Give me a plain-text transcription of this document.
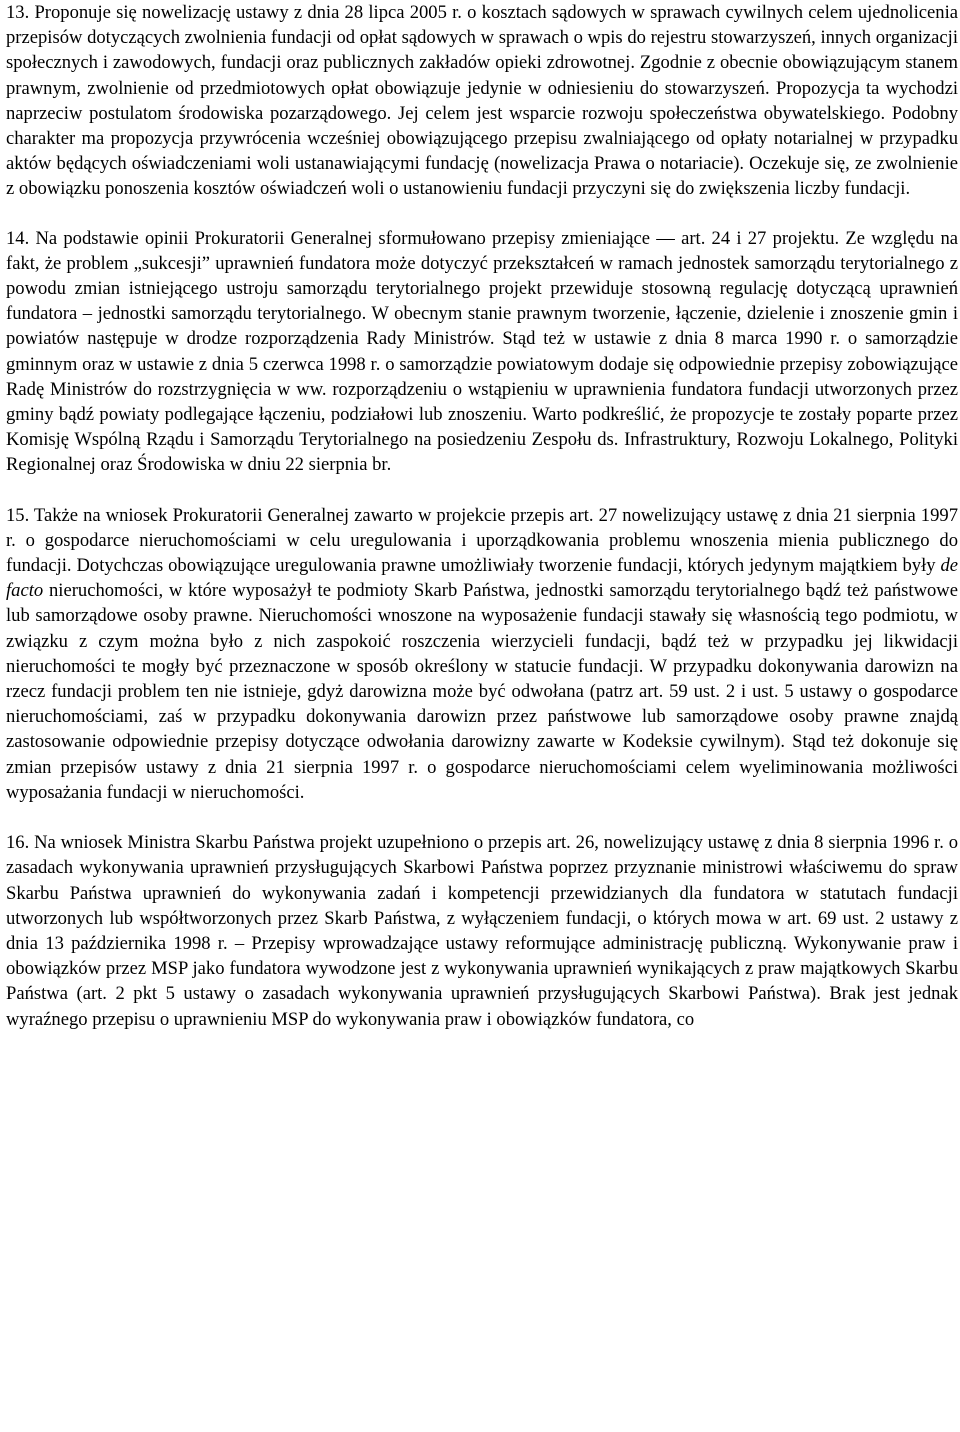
13. Proponuje się nowelizację ustawy z dnia 28 lipca 2005 r. o kosztach sądowych w sprawach cywilnych celem ujednolicenia przepisów dotyczących zwolnienia fundacji od opłat sądowych w sprawach o wpis do rejestru stowarzyszeń, innych organizacji społecznych i zawodowych, fundacji oraz publicznych zakładów opieki zdrowotnej. Zgodnie z obecnie obowiązującym stanem prawnym, zwolnienie od przedmiotowych opłat obowiązuje jedynie w odniesieniu do stowarzyszeń. Propozycja ta wychodzi naprzeciw postulatom środowiska pozarządowego. Jej celem jest wsparcie rozwoju społeczeństwa obywatelskiego. Podobny charakter ma propozycja przywrócenia wcześniej obowiązującego przepisu zwalniającego od opłaty notarialnej w przypadku aktów będących oświadczeniami woli ustanawiającymi fundację (nowelizacja Prawa o notariacie). Oczekuje się, ze zwolnienie z obowiązku ponoszenia kosztów oświadczeń woli o ustanowieniu fundacji przyczyni się do zwiększenia liczby fundacji.

14. Na podstawie opinii Prokuratorii Generalnej sformułowano przepisy zmieniające — art. 24 i 27 projektu. Ze względu na fakt, że problem „sukcesji” uprawnień fundatora może dotyczyć przekształceń w ramach jednostek samorządu terytorialnego z powodu zmian istniejącego ustroju samorządu terytorialnego projekt przewiduje stosowną regulację dotyczącą uprawnień fundatora – jednostki samorządu terytorialnego. W obecnym stanie prawnym tworzenie, łączenie, dzielenie i znoszenie gmin i powiatów następuje w drodze rozporządzenia Rady Ministrów. Stąd też w ustawie z dnia 8 marca 1990 r. o samorządzie gminnym oraz w ustawie z dnia 5 czerwca 1998 r. o samorządzie powiatowym dodaje się odpowiednie przepisy zobowiązujące Radę Ministrów do rozstrzygnięcia w ww. rozporządzeniu o wstąpieniu w uprawnienia fundatora fundacji utworzonych przez gminy bądź powiaty podlegające łączeniu, podziałowi lub znoszeniu. Warto podkreślić, że propozycje te zostały poparte przez Komisję Wspólną Rządu i Samorządu Terytorialnego na posiedzeniu Zespołu ds. Infrastruktury, Rozwoju Lokalnego, Polityki Regionalnej oraz Środowiska w dniu 22 sierpnia br.

15. Także na wniosek Prokuratorii Generalnej zawarto w projekcie przepis art. 27 nowelizujący ustawę z dnia 21 sierpnia 1997 r. o gospodarce nieruchomościami w celu uregulowania i uporządkowania problemu wnoszenia mienia publicznego do fundacji. Dotychczas obowiązujące uregulowania prawne umożliwiały tworzenie fundacji, których jedynym majątkiem były de facto nieruchomości, w które wyposażył te podmioty Skarb Państwa, jednostki samorządu terytorialnego bądź też państwowe lub samorządowe osoby prawne. Nieruchomości wnoszone na wyposażenie fundacji stawały się własnością tego podmiotu, w związku z czym można było z nich zaspokoić roszczenia wierzycieli fundacji, bądź też w przypadku jej likwidacji nieruchomości te mogły być przeznaczone w sposób określony w statucie fundacji. W przypadku dokonywania darowizn na rzecz fundacji problem ten nie istnieje, gdyż darowizna może być odwołana (patrz art. 59 ust. 2 i ust. 5 ustawy o gospodarce nieruchomościami, zaś w przypadku dokonywania darowizn przez państwowe lub samorządowe osoby prawne znajdą zastosowanie odpowiednie przepisy dotyczące odwołania darowizny zawarte w Kodeksie cywilnym). Stąd też dokonuje się zmian przepisów ustawy z dnia 21 sierpnia 1997 r. o gospodarce nieruchomościami celem wyeliminowania możliwości wyposażania fundacji w nieruchomości.

16. Na wniosek Ministra Skarbu Państwa projekt uzupełniono o przepis art. 26, nowelizujący ustawę z dnia 8 sierpnia 1996 r. o zasadach wykonywania uprawnień przysługujących Skarbowi Państwa poprzez przyznanie ministrowi właściwemu do spraw Skarbu Państwa uprawnień do wykonywania zadań i kompetencji przewidzianych dla fundatora w statutach fundacji utworzonych lub współtworzonych przez Skarb Państwa, z wyłączeniem fundacji, o których mowa w art. 69 ust. 2 ustawy z dnia 13 października 1998 r. – Przepisy wprowadzające ustawy reformujące administrację publiczną. Wykonywanie praw i obowiązków przez MSP jako fundatora wywodzone jest z wykonywania uprawnień wynikających z praw majątkowych Skarbu Państwa (art. 2 pkt 5 ustawy o zasadach wykonywania uprawnień przysługujących Skarbowi Państwa). Brak jest jednak wyraźnego przepisu o uprawnieniu MSP do wykonywania praw i obowiązków fundatora, co
